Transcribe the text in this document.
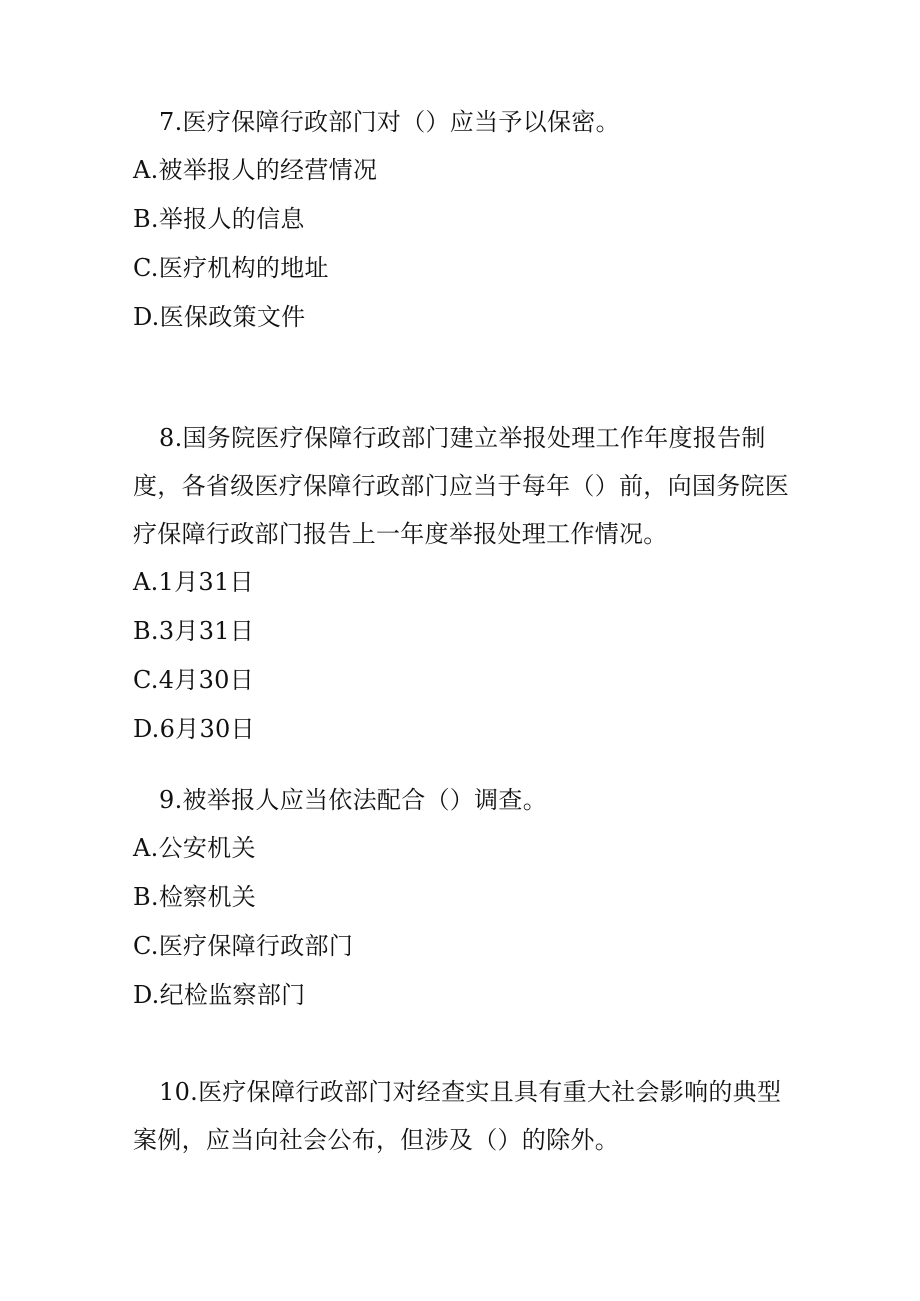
7.医疗保障行政部门对（）应当予以保密。

A.被举报人的经营情况

B.举报人的信息

C.医疗机构的地址

D.医保政策文件

8.国务院医疗保障行政部门建立举报处理工作年度报告制度，各省级医疗保障行政部门应当于每年（）前，向国务院医疗保障行政部门报告上一年度举报处理工作情况。

A.1月31日

B.3月31日

C.4月30日

D.6月30日

9.被举报人应当依法配合（）调查。

A.公安机关

B.检察机关

C.医疗保障行政部门

D.纪检监察部门

10.医疗保障行政部门对经查实且具有重大社会影响的典型案例，应当向社会公布，但涉及（）的除外。
